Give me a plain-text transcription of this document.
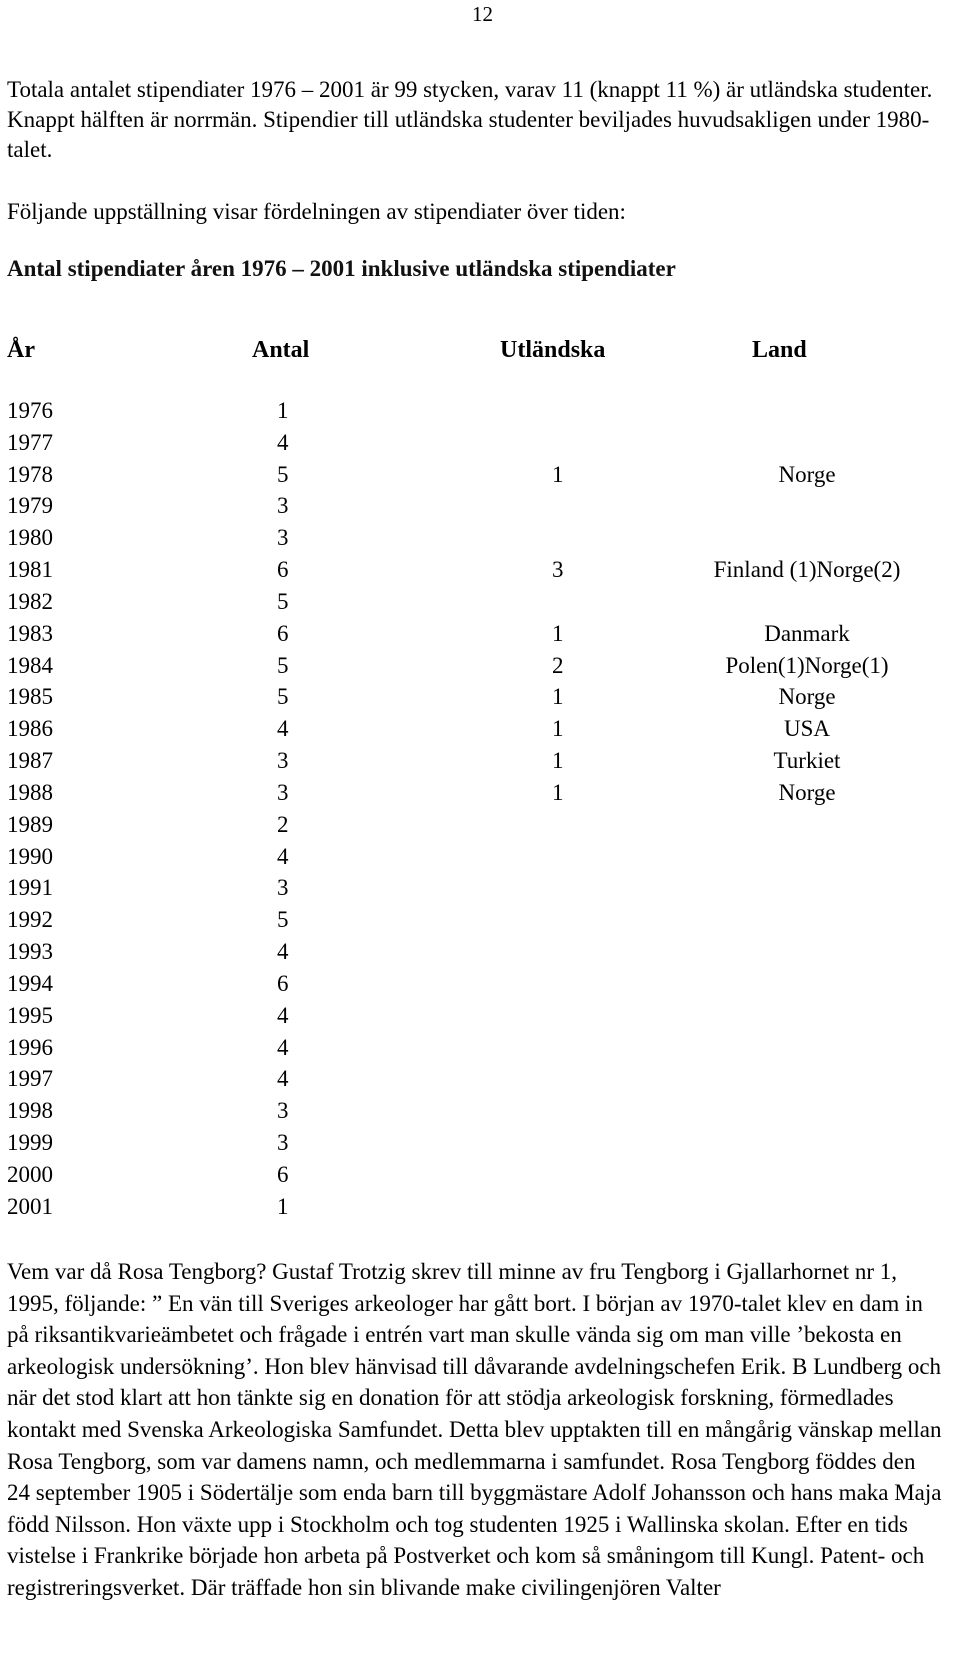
12

Totala antalet stipendiater 1976 – 2001 är 99 stycken, varav 11 (knappt 11 %) är utländska studenter. Knappt hälften är norrmän. Stipendier till utländska studenter beviljades huvudsakligen under 1980-talet.

Följande uppställning visar fördelningen av stipendiater över tiden:

Antal stipendiater åren 1976 – 2001 inklusive utländska stipendiater
År	Antal	Utländska	Land
1976	1
1977	4
1978	5	1	Norge
1979	3
1980	3
1981	6	3	Finland (1)Norge(2)
1982	5
1983	6	1	Danmark
1984	5	2	Polen(1)Norge(1)
1985	5	1	Norge
1986	4	1	USA
1987	3	1	Turkiet
1988	3	1	Norge
1989	2
1990	4
1991	3
1992	5
1993	4
1994	6
1995	4
1996	4
1997	4
1998	3
1999	3
2000	6
2001	1

Vem var då Rosa Tengborg? Gustaf Trotzig skrev till minne av fru Tengborg i Gjallarhornet nr 1, 1995, följande: ” En vän till Sveriges arkeologer har gått bort. I början av 1970-talet klev en dam in på riksantikvarieämbetet och frågade i entrén vart man skulle vända sig om man ville ’bekosta en arkeologisk undersökning’. Hon blev hänvisad till dåvarande avdelningschefen Erik. B Lundberg och när det stod klart att hon tänkte sig en donation för att stödja arkeologisk forskning, förmedlades kontakt med Svenska Arkeologiska Samfundet. Detta blev upptakten till en mångårig vänskap mellan Rosa Tengborg, som var damens namn, och medlemmarna i samfundet. Rosa Tengborg föddes den 24 september 1905 i Södertälje som enda barn till byggmästare Adolf Johansson och hans maka Maja född Nilsson. Hon växte upp i Stockholm och tog studenten 1925 i Wallinska skolan. Efter en tids vistelse i Frankrike började hon arbeta på Postverket och kom så småningom till Kungl. Patent- och registreringsverket. Där träffade hon sin blivande make civilingenjören Valter
